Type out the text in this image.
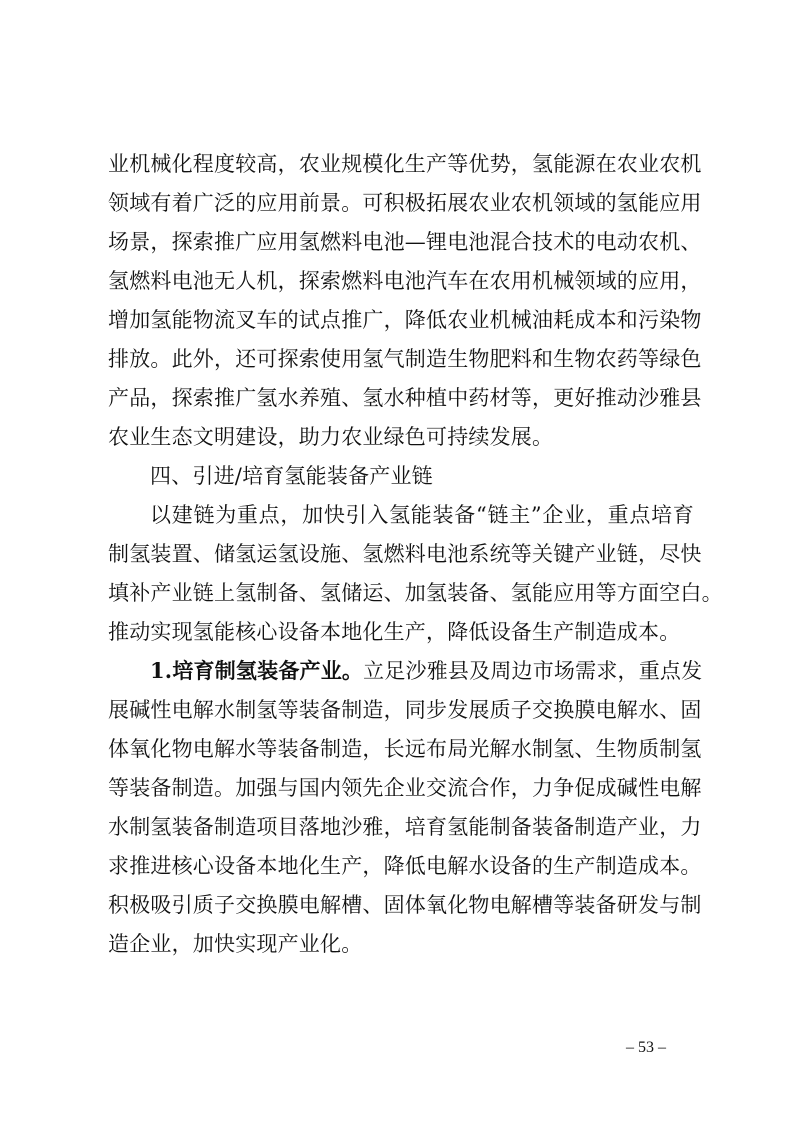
业机械化程度较高，农业规模化生产等优势，氢能源在农业农机
领域有着广泛的应用前景。可积极拓展农业农机领域的氢能应用
场景，探索推广应用氢燃料电池—锂电池混合技术的电动农机、
氢燃料电池无人机，探索燃料电池汽车在农用机械领域的应用，
增加氢能物流叉车的试点推广，降低农业机械油耗成本和污染物
排放。此外，还可探索使用氢气制造生物肥料和生物农药等绿色
产品，探索推广氢水养殖、氢水种植中药材等，更好推动沙雅县
农业生态文明建设，助力农业绿色可持续发展。
四、引进/培育氢能装备产业链
以建链为重点，加快引入氢能装备“链主”企业，重点培育
制氢装置、储氢运氢设施、氢燃料电池系统等关键产业链，尽快
填补产业链上氢制备、氢储运、加氢装备、氢能应用等方面空白。
推动实现氢能核心设备本地化生产，降低设备生产制造成本。
1.培育制氢装备产业。立足沙雅县及周边市场需求，重点发
展碱性电解水制氢等装备制造，同步发展质子交换膜电解水、固
体氧化物电解水等装备制造，长远布局光解水制氢、生物质制氢
等装备制造。加强与国内领先企业交流合作，力争促成碱性电解
水制氢装备制造项目落地沙雅，培育氢能制备装备制造产业，力
求推进核心设备本地化生产，降低电解水设备的生产制造成本。
积极吸引质子交换膜电解槽、固体氧化物电解槽等装备研发与制
造企业，加快实现产业化。
– 53 –
